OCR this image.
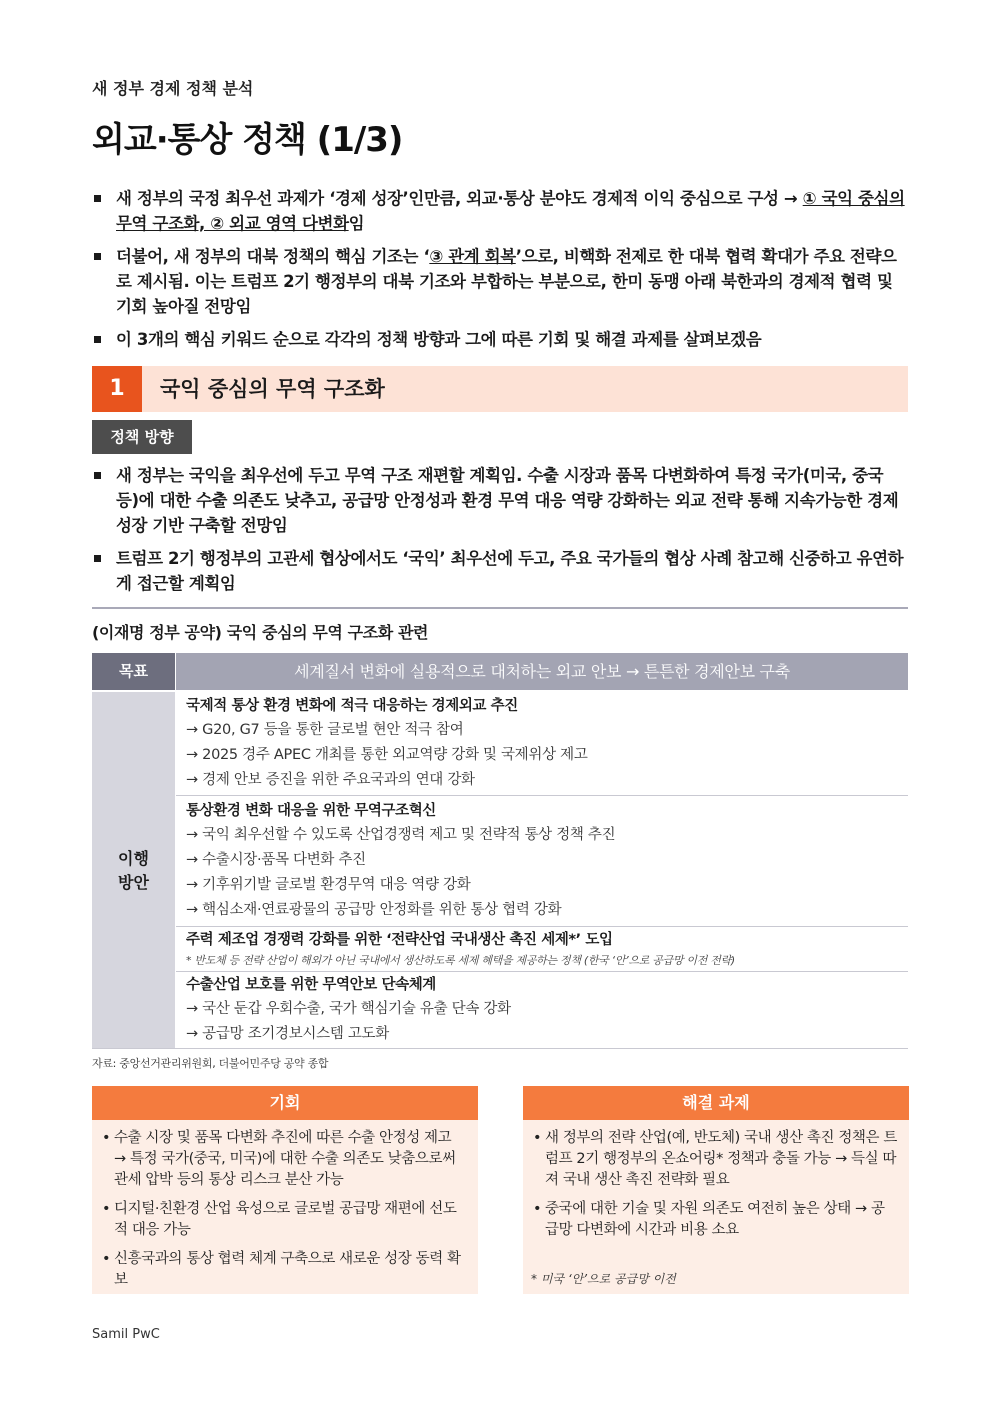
새 정부 경제 정책 분석
외교·통상 정책 (1/3)
새 정부의 국정 최우선 과제가 ‘경제 성장’인만큼, 외교·통상 분야도 경제적 이익 중심으로 구성 → ① 국익 중심의 무역 구조화, ② 외교 영역 다변화임
더불어, 새 정부의 대북 정책의 핵심 기조는 ‘③ 관계 회복’으로, 비핵화 전제로 한 대북 협력 확대가 주요 전략으로 제시됨. 이는 트럼프 2기 행정부의 대북 기조와 부합하는 부분으로, 한미 동맹 아래 북한과의 경제적 협력 및 기회 높아질 전망임
이 3개의 핵심 키워드 순으로 각각의 정책 방향과 그에 따른 기회 및 해결 과제를 살펴보겠음
1	국익 중심의 무역 구조화
정책 방향
새 정부는 국익을 최우선에 두고 무역 구조 재편할 계획임. 수출 시장과 품목 다변화하여 특정 국가(미국, 중국 등)에 대한 수출 의존도 낮추고, 공급망 안정성과 환경 무역 대응 역량 강화하는 외교 전략 통해 지속가능한 경제 성장 기반 구축할 전망임
트럼프 2기 행정부의 고관세 협상에서도 ‘국익’ 최우선에 두고, 주요 국가들의 협상 사례 참고해 신중하고 유연하게 접근할 계획임
(이재명 정부 공약) 국익 중심의 무역 구조화 관련
목표	세계질서 변화에 실용적으로 대처하는 외교 안보 → 튼튼한 경제안보 구축
이행
방안
국제적 통상 환경 변화에 적극 대응하는 경제외교 추진
→ G20, G7 등을 통한 글로벌 현안 적극 참여
→ 2025 경주 APEC 개최를 통한 외교역량 강화 및 국제위상 제고
→ 경제 안보 증진을 위한 주요국과의 연대 강화
통상환경 변화 대응을 위한 무역구조혁신
→ 국익 최우선할 수 있도록 산업경쟁력 제고 및 전략적 통상 정책 추진
→ 수출시장·품목 다변화 추진
→ 기후위기발 글로벌 환경무역 대응 역량 강화
→ 핵심소재·연료광물의 공급망 안정화를 위한 통상 협력 강화
주력 제조업 경쟁력 강화를 위한 ‘전략산업 국내생산 촉진 세제*’ 도입
* 반도체 등 전략 산업이 해외가 아닌 국내에서 생산하도록 세제 혜택을 제공하는 정책 (한국 ‘안’으로 공급망 이전 전략)
수출산업 보호를 위한 무역안보 단속체계
→ 국산 둔갑 우회수출, 국가 핵심기술 유출 단속 강화
→ 공급망 조기경보시스템 고도화
자료: 중앙선거관리위원회, 더불어민주당 공약 종합
기회
• 수출 시장 및 품목 다변화 추진에 따른 수출 안정성 제고 → 특정 국가(중국, 미국)에 대한 수출 의존도 낮춤으로써 관세 압박 등의 통상 리스크 분산 가능
• 디지털·친환경 산업 육성으로 글로벌 공급망 재편에 선도적 대응 가능
• 신흥국과의 통상 협력 체계 구축으로 새로운 성장 동력 확보
해결 과제
• 새 정부의 전략 산업(예, 반도체) 국내 생산 촉진 정책은 트럼프 2기 행정부의 온쇼어링* 정책과 충돌 가능 → 득실 따져 국내 생산 촉진 전략화 필요
• 중국에 대한 기술 및 자원 의존도 여전히 높은 상태 → 공급망 다변화에 시간과 비용 소요
* 미국 ‘안’으로 공급망 이전
Samil PwC
